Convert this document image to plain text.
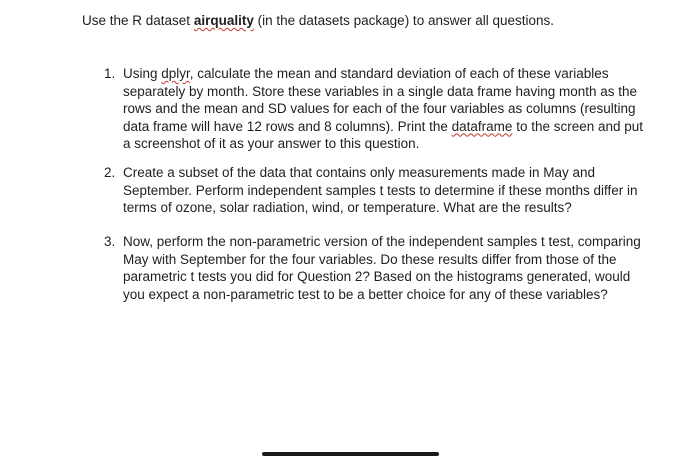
Use the R dataset airquality (in the datasets package) to answer all questions.
1. Using dplyr, calculate the mean and standard deviation of each of these variables
separately by month. Store these variables in a single data frame having month as the
rows and the mean and SD values for each of the four variables as columns (resulting
data frame will have 12 rows and 8 columns). Print the dataframe to the screen and put
a screenshot of it as your answer to this question.
2. Create a subset of the data that contains only measurements made in May and
September. Perform independent samples t tests to determine if these months differ in
terms of ozone, solar radiation, wind, or temperature. What are the results?
3. Now, perform the non-parametric version of the independent samples t test, comparing
May with September for the four variables. Do these results differ from those of the
parametric t tests you did for Question 2? Based on the histograms generated, would
you expect a non-parametric test to be a better choice for any of these variables?
